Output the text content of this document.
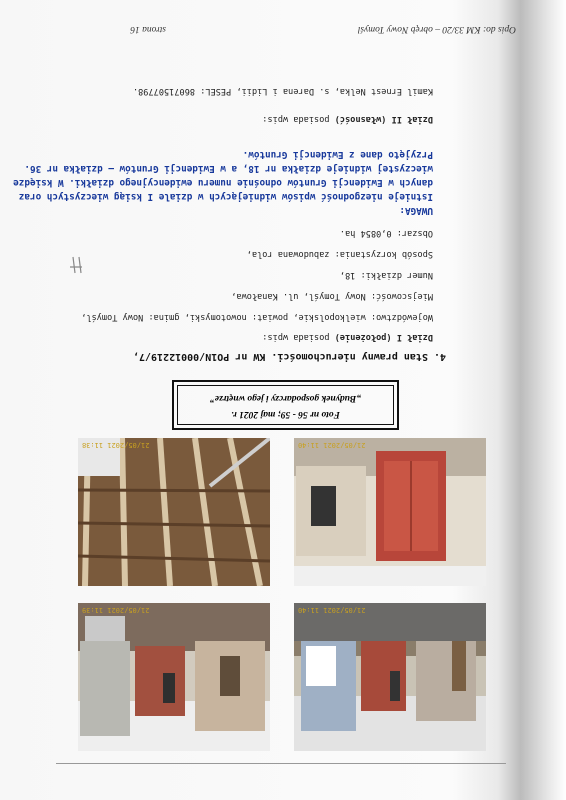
21/05/2021 11:40
21/05/2021 11:39
21/05/2021 11:38	21/05/2021 11:40
Foto nr 56 - 59; maj 2021 r.
„Budynek gospodarczy i jego wnętrze”
4. Stan prawny nieruchomości. KW nr PO1N/00012219/7,
Dział I (położenie) posiada wpis:
Województwo: wielkopolskie, powiat: nowotomyski, gmina: Nowy Tomyśl,
Miejscowość: Nowy Tomyśl, ul. Kanałowa,
Numer działki: 18,
Sposób korzystania: zabudowana rola,
Obszar: 0,0854 ha.
UWAGA:
Istnieje niezgodność wpisów widniejących w dziale I ksiąg wieczystych oraz
danych w Ewidencji Gruntów odnośnie numeru ewidencyjnego działki. W księdze
wieczystej widnieje działka nr 18, a w Ewidencji Gruntów – działka nr 36.
Przyjęto dane z Ewidencji Gruntów.
Dział II (własność) posiada wpis:
Kamil Ernest Nelka, s. Darena i Lidii, PESEL: 86071507798.
strona 16	Opis do: KM 33/20 – obręb Nowy Tomyśl
